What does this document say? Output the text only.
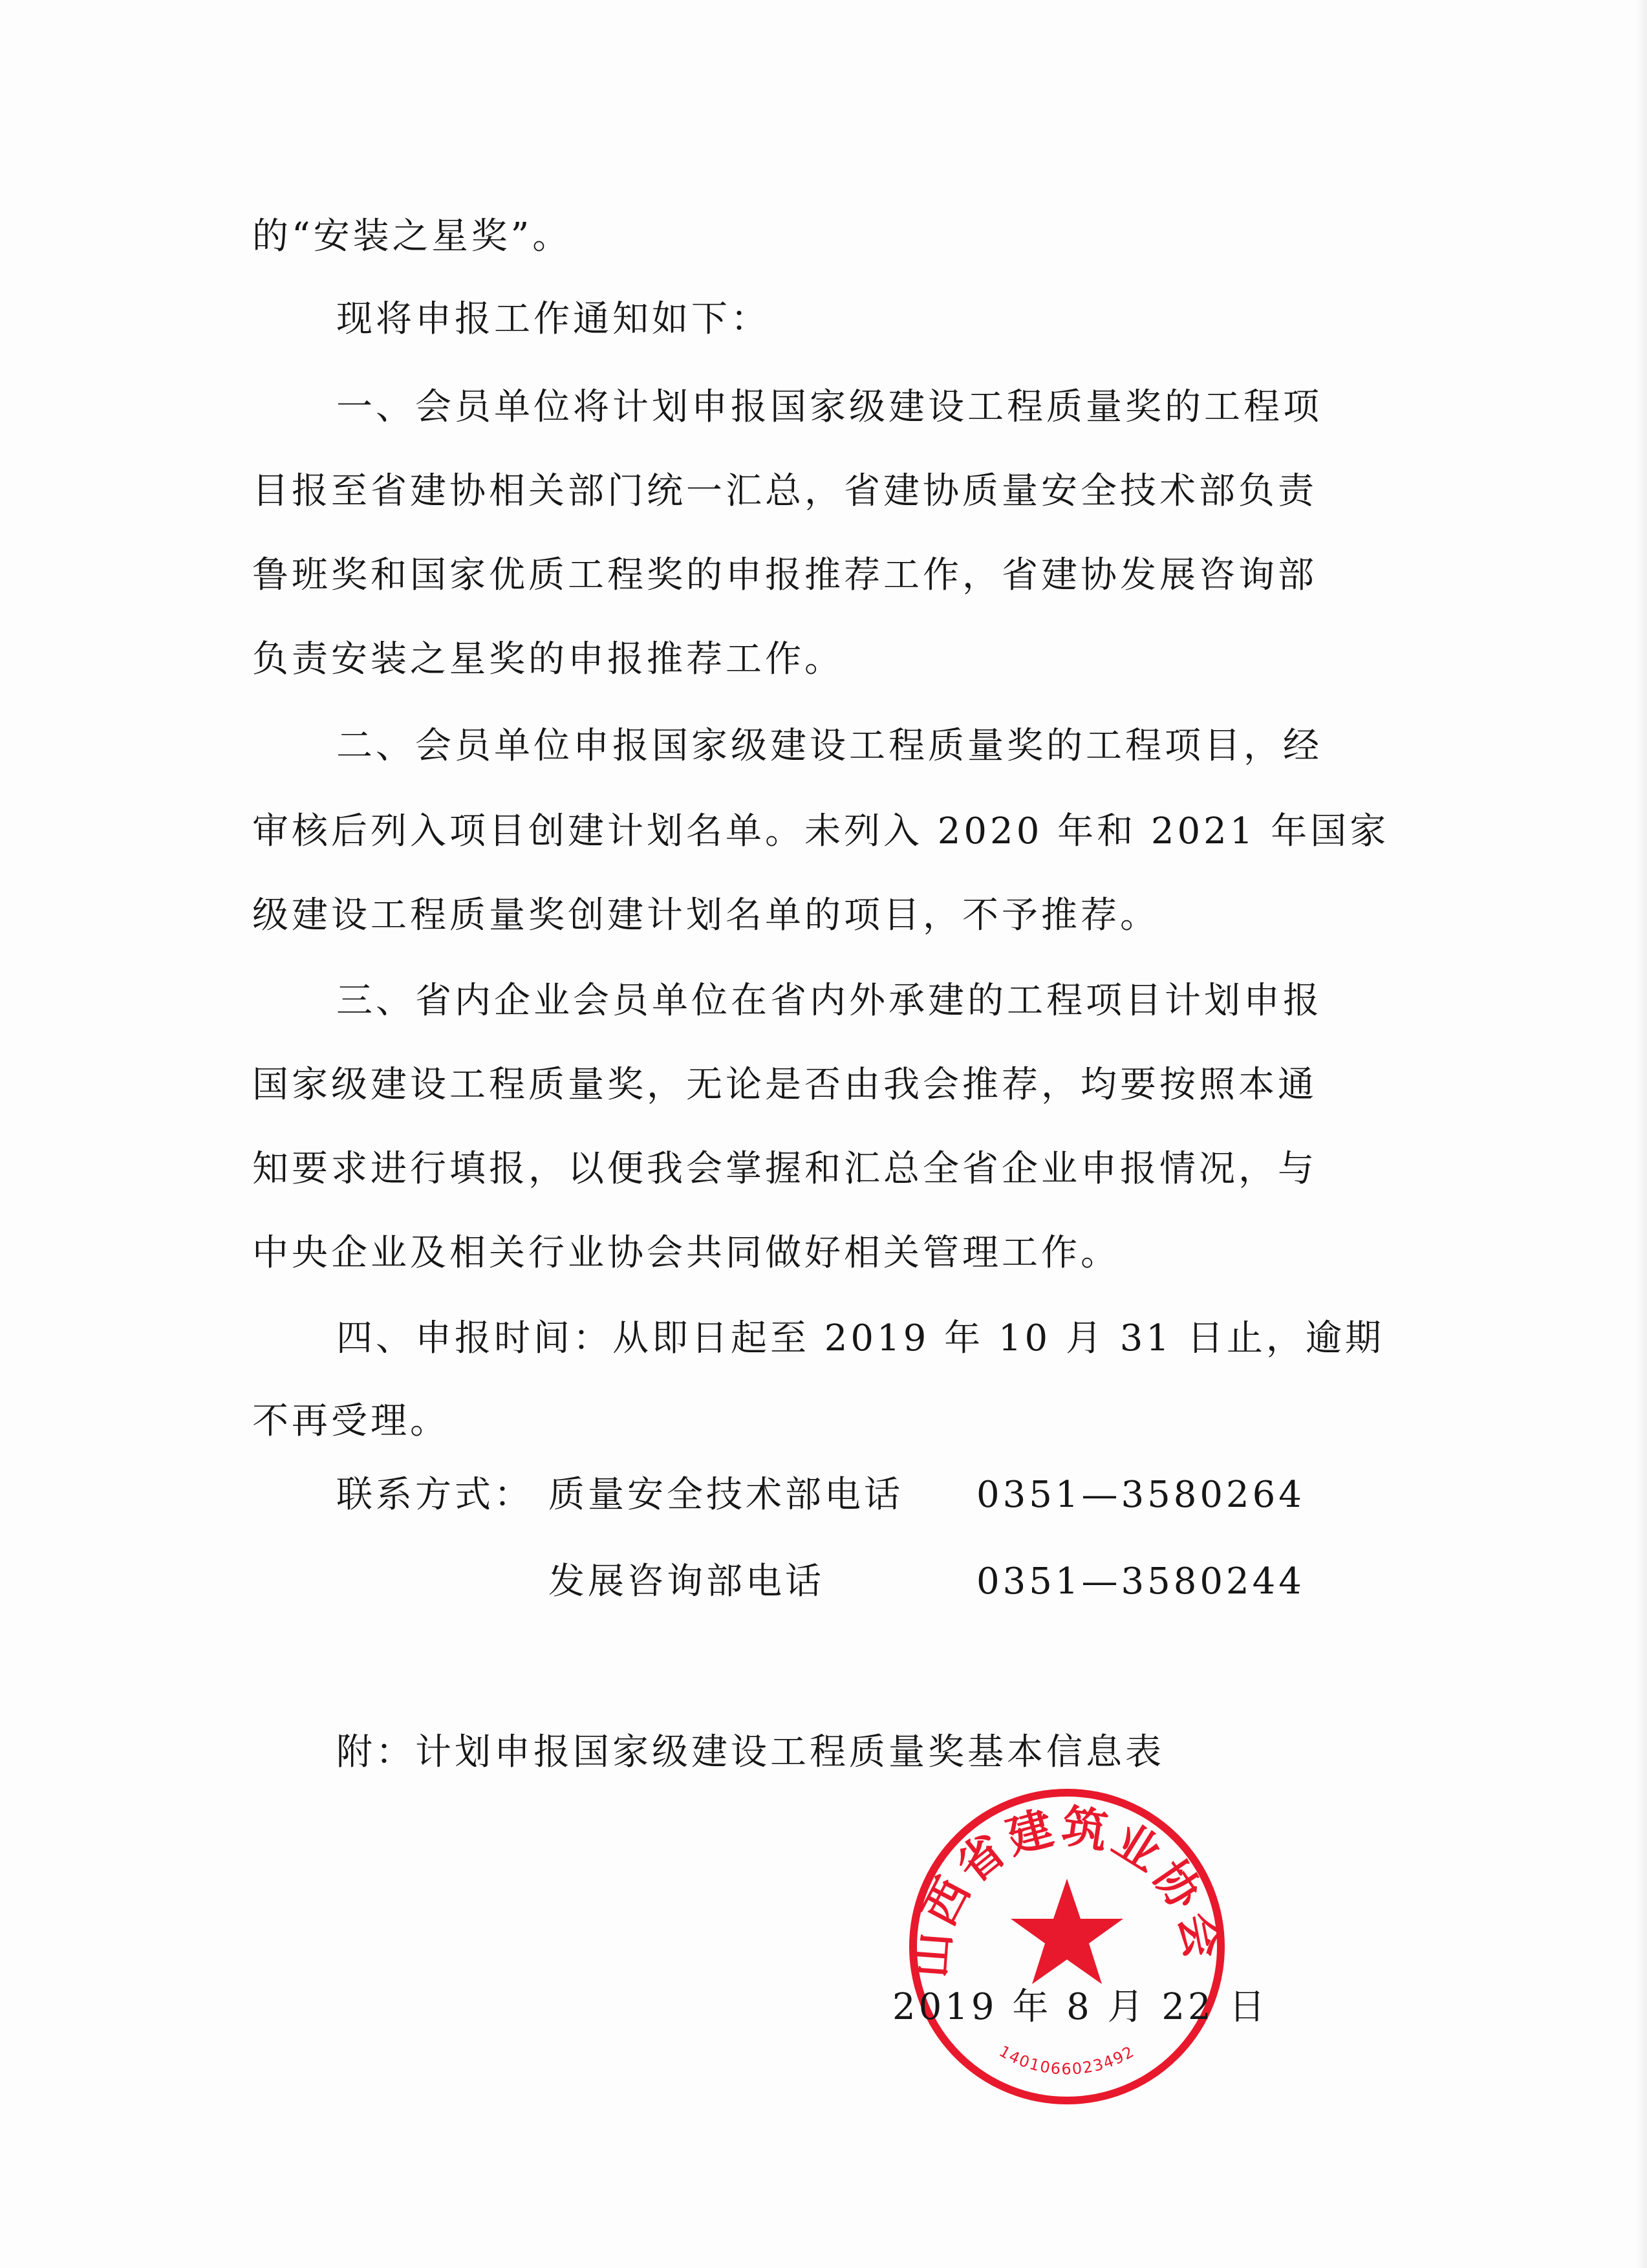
的“安装之星奖”。
现将申报工作通知如下：
一、会员单位将计划申报国家级建设工程质量奖的工程项
目报至省建协相关部门统一汇总，省建协质量安全技术部负责
鲁班奖和国家优质工程奖的申报推荐工作，省建协发展咨询部
负责安装之星奖的申报推荐工作。
二、会员单位申报国家级建设工程质量奖的工程项目，经
审核后列入项目创建计划名单。未列入 2020 年和 2021 年国家
级建设工程质量奖创建计划名单的项目，不予推荐。
三、省内企业会员单位在省内外承建的工程项目计划申报
国家级建设工程质量奖，无论是否由我会推荐，均要按照本通
知要求进行填报，以便我会掌握和汇总全省企业申报情况，与
中央企业及相关行业协会共同做好相关管理工作。
四、申报时间：从即日起至 2019 年 10 月 31 日止，逾期
不再受理。
联系方式： 质量安全技术部电话 0351—3580264
发展咨询部电话	0351—3580244
附：计划申报国家级建设工程质量奖基本信息表
山西省建筑业协会
1401066023492
2019 年 8 月 22 日
